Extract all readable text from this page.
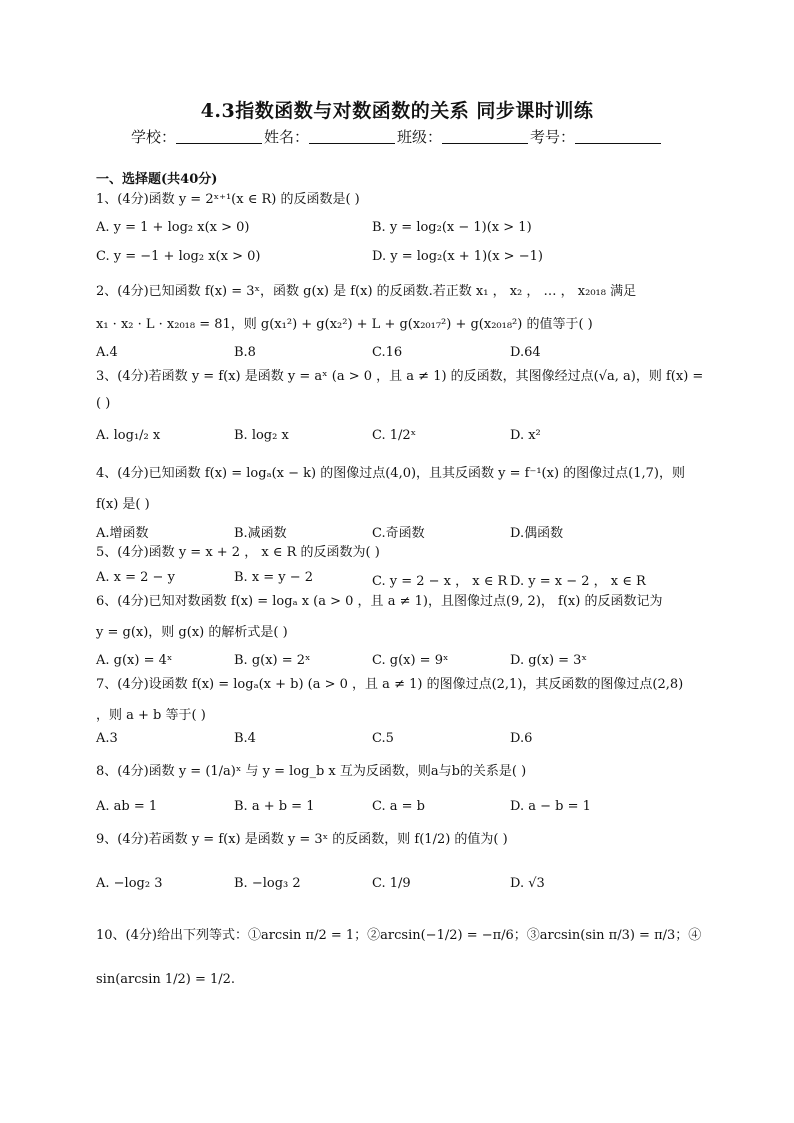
4.3指数函数与对数函数的关系 同步课时训练
学校：	姓名：	班级：	考号：
一、选择题(共40分)
1、(4分)函数 y = 2ˣ⁺¹(x ∈ R) 的反函数是( )
A. y = 1 + log₂ x(x > 0)	B. y = log₂(x − 1)(x > 1)
C. y = −1 + log₂ x(x > 0)	D. y = log₂(x + 1)(x > −1)
2、(4分)已知函数 f(x) = 3ˣ，函数 g(x) 是 f(x) 的反函数.若正数 x₁ ， x₂ ， … ， x₂₀₁₈ 满足
x₁ · x₂ · L · x₂₀₁₈ = 81，则 g(x₁²) + g(x₂²) + L + g(x₂₀₁₇²) + g(x₂₀₁₈²) 的值等于( )
A.4	B.8	C.16	D.64
3、(4分)若函数 y = f(x) 是函数 y = aˣ (a > 0 ，且 a ≠ 1) 的反函数，其图像经过点(√a, a)，则 f(x) =
( )
A. log₁/₂ x	B. log₂ x	C. 1/2ˣ	D. x²
4、(4分)已知函数 f(x) = logₐ(x − k) 的图像过点(4,0)，且其反函数 y = f⁻¹(x) 的图像过点(1,7)，则
f(x) 是( )
A.增函数	B.减函数	C.奇函数	D.偶函数
5、(4分)函数 y = x + 2 ， x ∈ R 的反函数为( )
A. x = 2 − y	B. x = y − 2	C. y = 2 − x ， x ∈ R D. y = x − 2 ， x ∈ R
6、(4分)已知对数函数 f(x) = logₐ x (a > 0 ，且 a ≠ 1)，且图像过点(9, 2)， f(x) 的反函数记为
y = g(x)，则 g(x) 的解析式是( )
A. g(x) = 4ˣ	B. g(x) = 2ˣ	C. g(x) = 9ˣ	D. g(x) = 3ˣ
7、(4分)设函数 f(x) = logₐ(x + b) (a > 0 ，且 a ≠ 1) 的图像过点(2,1)，其反函数的图像过点(2,8)
，则 a + b 等于( )
A.3	B.4	C.5	D.6
8、(4分)函数 y = (1/a)ˣ 与 y = log_b x 互为反函数，则a与b的关系是( )
A. ab = 1	B. a + b = 1	C. a = b	D. a − b = 1
9、(4分)若函数 y = f(x) 是函数 y = 3ˣ 的反函数，则 f(1/2) 的值为( )
A. −log₂ 3	B. −log₃ 2	C. 1/9	D. √3
10、(4分)给出下列等式：①arcsin π/2 = 1；②arcsin(−1/2) = −π/6；③arcsin(sin π/3) = π/3；④
sin(arcsin 1/2) = 1/2.
